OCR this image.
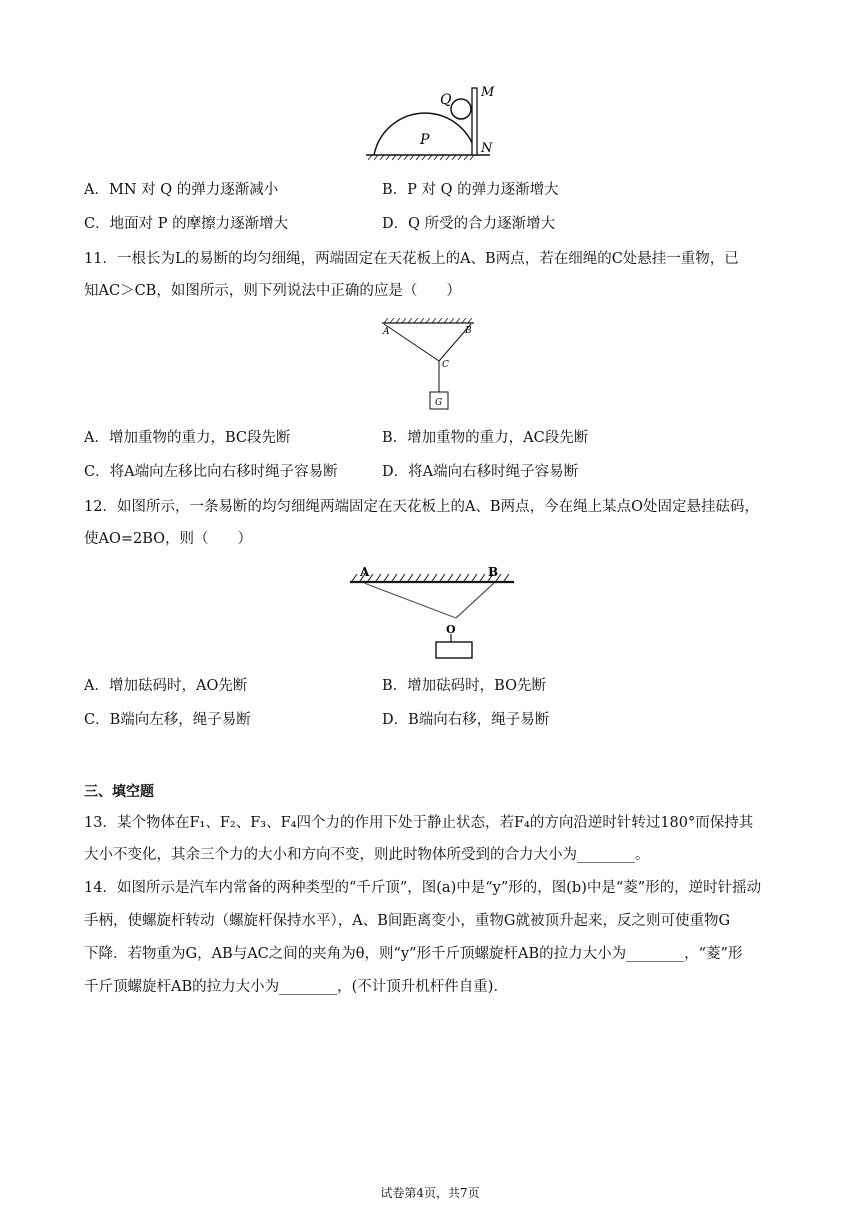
P
Q M
N
A．MN 对 Q 的弹力逐渐减小	B．P 对 Q 的弹力逐渐增大
C．地面对 P 的摩擦力逐渐增大	D．Q 所受的合力逐渐增大
11．一根长为L的易断的均匀细绳，两端固定在天花板上的A、B两点，若在细绳的C处悬挂一重物，已
知AC＞CB，如图所示，则下列说法中正确的应是（　　）
A	B
C
G
A．增加重物的重力，BC段先断	B．增加重物的重力，AC段先断
C．将A端向左移比向右移时绳子容易断	D．将A端向右移时绳子容易断
12．如图所示，一条易断的均匀细绳两端固定在天花板上的A、B两点，今在绳上某点O处固定悬挂砝码，
使AO=2BO，则（　　）
A	B
O
A．增加砝码时，AO先断	B．增加砝码时，BO先断
C．B端向左移，绳子易断	D．B端向右移，绳子易断
三、填空题
13．某个物体在F₁、F₂、F₃、F₄四个力的作用下处于静止状态，若F₄的方向沿逆时针转过180°而保持其
大小不变化，其余三个力的大小和方向不变，则此时物体所受到的合力大小为________。
14．如图所示是汽车内常备的两种类型的“千斤顶”，图(a)中是“y”形的，图(b)中是“菱”形的，逆时针摇动
手柄，使螺旋杆转动（螺旋杆保持水平），A、B间距离变小，重物G就被顶升起来，反之则可使重物G
下降．若物重为G，AB与AC之间的夹角为θ，则“y”形千斤顶螺旋杆AB的拉力大小为________，“菱”形
千斤顶螺旋杆AB的拉力大小为________，(不计顶升机杆件自重)．
试卷第4页，共7页
